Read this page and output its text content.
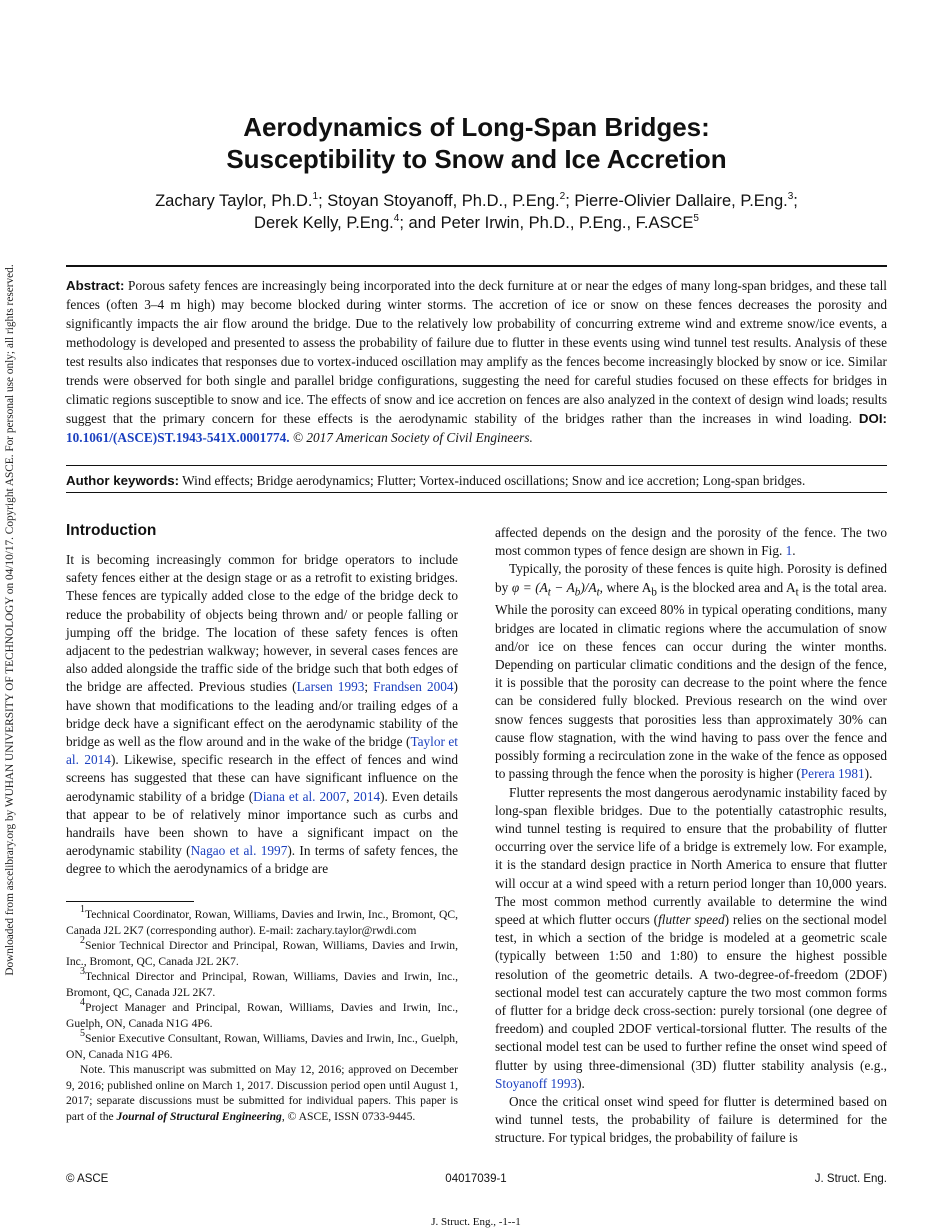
Downloaded from ascelibrary.org by WUHAN UNIVERSITY OF TECHNOLOGY on 04/10/17. Copyright ASCE. For personal use only; all rights reserved.
Aerodynamics of Long-Span Bridges:
Susceptibility to Snow and Ice Accretion
Zachary Taylor, Ph.D.$^1$; Stoyan Stoyanoff, Ph.D., P.Eng.$^2$; Pierre-Olivier Dallaire, P.Eng.$^3$;
Derek Kelly, P.Eng.$^4$; and Peter Irwin, Ph.D., P.Eng., F.ASCE$^5$

Abstract: Porous safety fences are increasingly being incorporated into the deck furniture at or near the edges of many long-span bridges, and these tall fences (often 3–4 m high) may become blocked during winter storms. The accretion of ice or snow on these fences decreases the porosity and significantly impacts the air flow around the bridge. Due to the relatively low probability of concurring extreme wind and extreme snow/ice events, a methodology is developed and presented to assess the probability of failure due to flutter in these events using wind tunnel test results. Analysis of these test results also indicates that responses due to vortex-induced oscillation may amplify as the fences become increasingly blocked by snow or ice. Similar trends were observed for both single and parallel bridge configurations, suggesting the need for careful studies focused on these effects for bridges in climatic regions susceptible to snow and ice. The effects of snow and ice accretion on fences are also analyzed in the context of design wind loads; results suggest that the primary concern for these effects is the aerodynamic stability of the bridges rather than the increases in wind loading. DOI: 10.1061/(ASCE)ST.1943-541X.0001774. © 2017 American Society of Civil Engineers.

Author keywords: Wind effects; Bridge aerodynamics; Flutter; Vortex-induced oscillations; Snow and ice accretion; Long-span bridges.
Introduction

It is becoming increasingly common for bridge operators to include safety fences either at the design stage or as a retrofit to existing bridges. These fences are typically added close to the edge of the bridge deck to reduce the probability of objects being thrown and/ or people falling or jumping off the bridge. The location of these safety fences is often adjacent to the pedestrian walkway; however, in several cases fences are also added alongside the traffic side of the bridge such that both edges of the bridge are affected. Previous studies (Larsen 1993; Frandsen 2004) have shown that modifications to the leading and/or trailing edges of a bridge deck have a significant effect on the aerodynamic stability of the bridge as well as the flow around and in the wake of the bridge (Taylor et al. 2014). Likewise, specific research in the effect of fences and wind screens has suggested that these can have significant influence on the aerodynamic stability of a bridge (Diana et al. 2007, 2014). Even details that appear to be of relatively minor importance such as curbs and handrails have been shown to have a significant impact on the aerodynamic stability (Nagao et al. 1997). In terms of safety fences, the degree to which the aerodynamics of a bridge are

$^1$Technical Coordinator, Rowan, Williams, Davies and Irwin, Inc., Bromont, QC, Canada J2L 2K7 (corresponding author). E-mail: zachary.taylor@rwdi.com

$^2$Senior Technical Director and Principal, Rowan, Williams, Davies and Irwin, Inc., Bromont, QC, Canada J2L 2K7.

$^3$Technical Director and Principal, Rowan, Williams, Davies and Irwin, Inc., Bromont, QC, Canada J2L 2K7.

$^4$Project Manager and Principal, Rowan, Williams, Davies and Irwin, Inc., Guelph, ON, Canada N1G 4P6.

$^5$Senior Executive Consultant, Rowan, Williams, Davies and Irwin, Inc., Guelph, ON, Canada N1G 4P6.

Note. This manuscript was submitted on May 12, 2016; approved on December 9, 2016; published online on March 1, 2017. Discussion period open until August 1, 2017; separate discussions must be submitted for individual papers. This paper is part of the Journal of Structural Engineering, © ASCE, ISSN 0733-9445.

affected depends on the design and the porosity of the fence. The two most common types of fence design are shown in Fig. 1.

Typically, the porosity of these fences is quite high. Porosity is defined by $\varphi = (A_t - A_b)/A_t$, where $A_b$ is the blocked area and $A_t$ is the total area. While the porosity can exceed 80% in typical operating conditions, many bridges are located in climatic regions where the accumulation of snow and/or ice on these fences can occur during the winter months. Depending on particular climatic conditions and the design of the fence, it is possible that the porosity can decrease to the point where the fence can be considered fully blocked. Previous research on the wind over snow fences suggests that porosities less than approximately 30% can cause flow stagnation, with the wind having to pass over the fence and possibly forming a recirculation zone in the wake of the fence as opposed to passing through the fence when the porosity is higher (Perera 1981).

Flutter represents the most dangerous aerodynamic instability faced by long-span flexible bridges. Due to the potentially catastrophic results, wind tunnel testing is required to ensure that the probability of flutter occurring over the service life of a bridge is extremely low. For example, it is the standard design practice in North America to ensure that flutter will occur at a wind speed with a return period longer than 10,000 years. The most common method currently available to determine the wind speed at which flutter occurs (flutter speed) relies on the sectional model test, in which a section of the bridge is modeled at a geometric scale (typically between 1:50 and 1:80) to ensure the highest possible resolution of the geometric details. A two-degree-of-freedom (2DOF) sectional model test can accurately capture the two most common forms of flutter for a bridge deck cross-section: purely torsional (one degree of freedom) and coupled 2DOF vertical-torsional flutter. The results of the sectional model test can be used to further refine the onset wind speed of flutter by using three-dimensional (3D) flutter stability analysis (e.g., Stoyanoff 1993).

Once the critical onset wind speed for flutter is determined based on wind tunnel tests, the probability of failure is determined for the structure. For typical bridges, the probability of failure is

© ASCE	04017039-1	J. Struct. Eng.
J. Struct. Eng., -1--1
